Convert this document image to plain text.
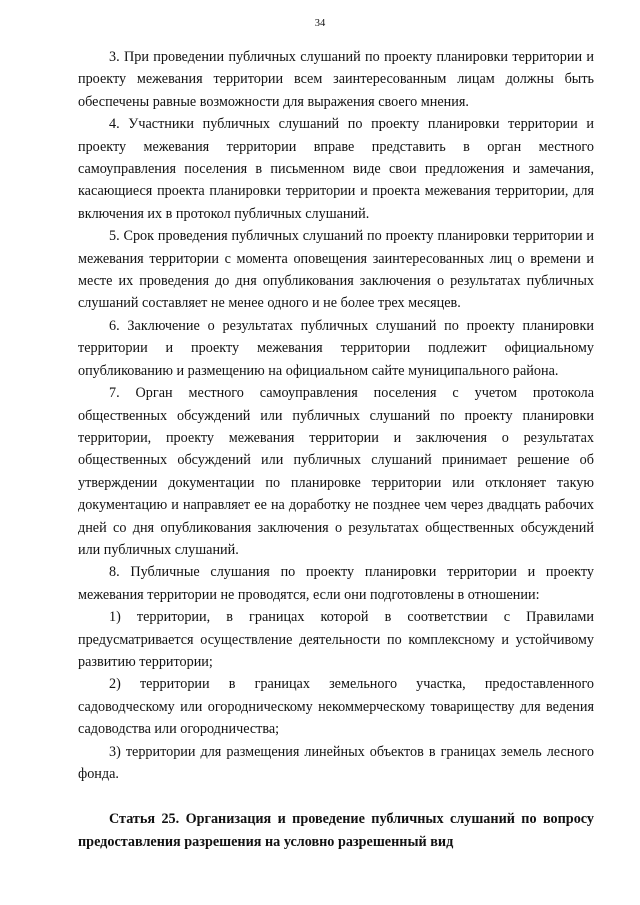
34

3. При проведении публичных слушаний по проекту планировки территории и проекту межевания территории всем заинтересованным лицам должны быть обеспечены равные возможности для выражения своего мнения.

4. Участники публичных слушаний по проекту планировки территории и проекту межевания территории вправе представить в орган местного самоуправления поселения в письменном виде свои предложения и замечания, касающиеся проекта планировки территории и проекта межевания территории, для включения их в протокол публичных слушаний.

5. Срок проведения публичных слушаний по проекту планировки территории и межевания территории с момента оповещения заинтересованных лиц о времени и месте их проведения до дня опубликования заключения о результатах публичных слушаний составляет не менее одного и не более трех месяцев.

6. Заключение о результатах публичных слушаний по проекту планировки территории и проекту межевания территории подлежит официальному опубликованию и размещению на официальном сайте муниципального района.

7. Орган местного самоуправления поселения с учетом протокола общественных обсуждений или публичных слушаний по проекту планировки территории, проекту межевания территории и заключения о результатах общественных обсуждений или публичных слушаний принимает решение об утверждении документации по планировке территории или отклоняет такую документацию и направляет ее на доработку не позднее чем через двадцать рабочих дней со дня опубликования заключения о результатах общественных обсуждений или публичных слушаний.

8. Публичные слушания по проекту планировки территории и проекту межевания территории не проводятся, если они подготовлены в отношении:

1) территории, в границах которой в соответствии с Правилами предусматривается осуществление деятельности по комплексному и устойчивому развитию территории;

2) территории в границах земельного участка, предоставленного садоводческому или огородническому некоммерческому товариществу для ведения садоводства или огородничества;

3) территории для размещения линейных объектов в границах земель лесного фонда.

Статья 25. Организация и проведение публичных слушаний по вопросу предоставления разрешения на условно разрешенный вид
